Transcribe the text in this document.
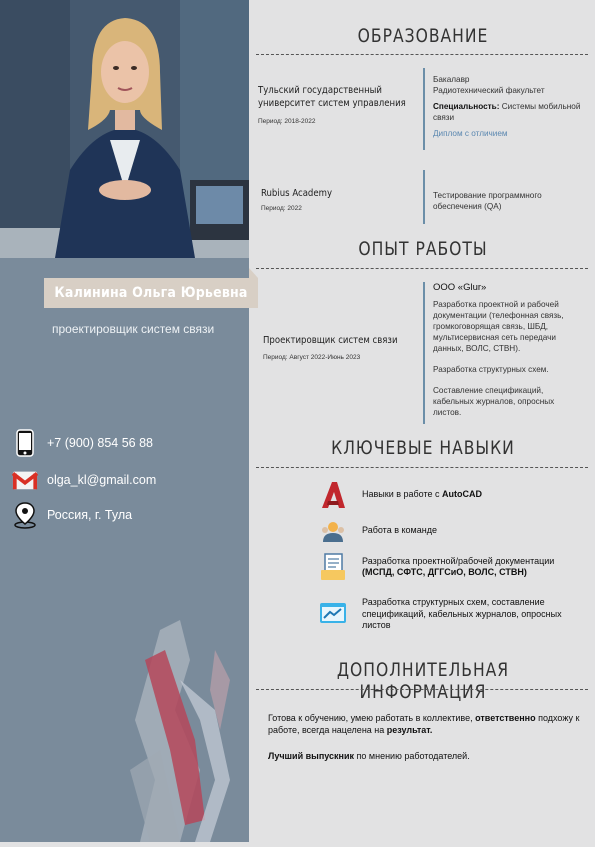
Калинина Ольга Юрьевна
проектировщик систем связи
+7 (900) 854 56 88
olga_kl@gmail.com
Россия, г. Тула
ОБРАЗОВАНИЕ
Тульский государственный
университет систем управления
Период: 2018-2022
Бакалавр
Радиотехнический факультет
Специальность: Системы мобильной связи
Диплом с отличием
Rubius Academy
Период: 2022
Тестирование программного обеспечения (QA)
ОПЫТ РАБОТЫ
Проектировщик систем связи
Период: Август 2022-Июнь 2023
ООО «Glur»

Разработка проектной и рабочей документации (телефонная связь, громкоговорящая связь, ШБД, мультисервисная сеть передачи данных, ВОЛС, СТВН).

Разработка структурных схем.

Составление спецификаций, кабельных журналов, опросных листов.

КЛЮЧЕВЫЕ НАВЫКИ
Навыки в работе с AutoCAD
Работа в команде
Разработка проектной/рабочей документации (МСПД, СФТС, ДГГСиО, ВОЛС, СТВН)
Разработка структурных схем, составление спецификаций, кабельных журналов, опросных листов
ДОПОЛНИТЕЛЬНАЯ ИНФОРМАЦИЯ
Готова к обучению, умею работать в коллективе, ответственно подхожу к работе, всегда нацелена на результат.
Лучший выпускник по мнению работодателей.
